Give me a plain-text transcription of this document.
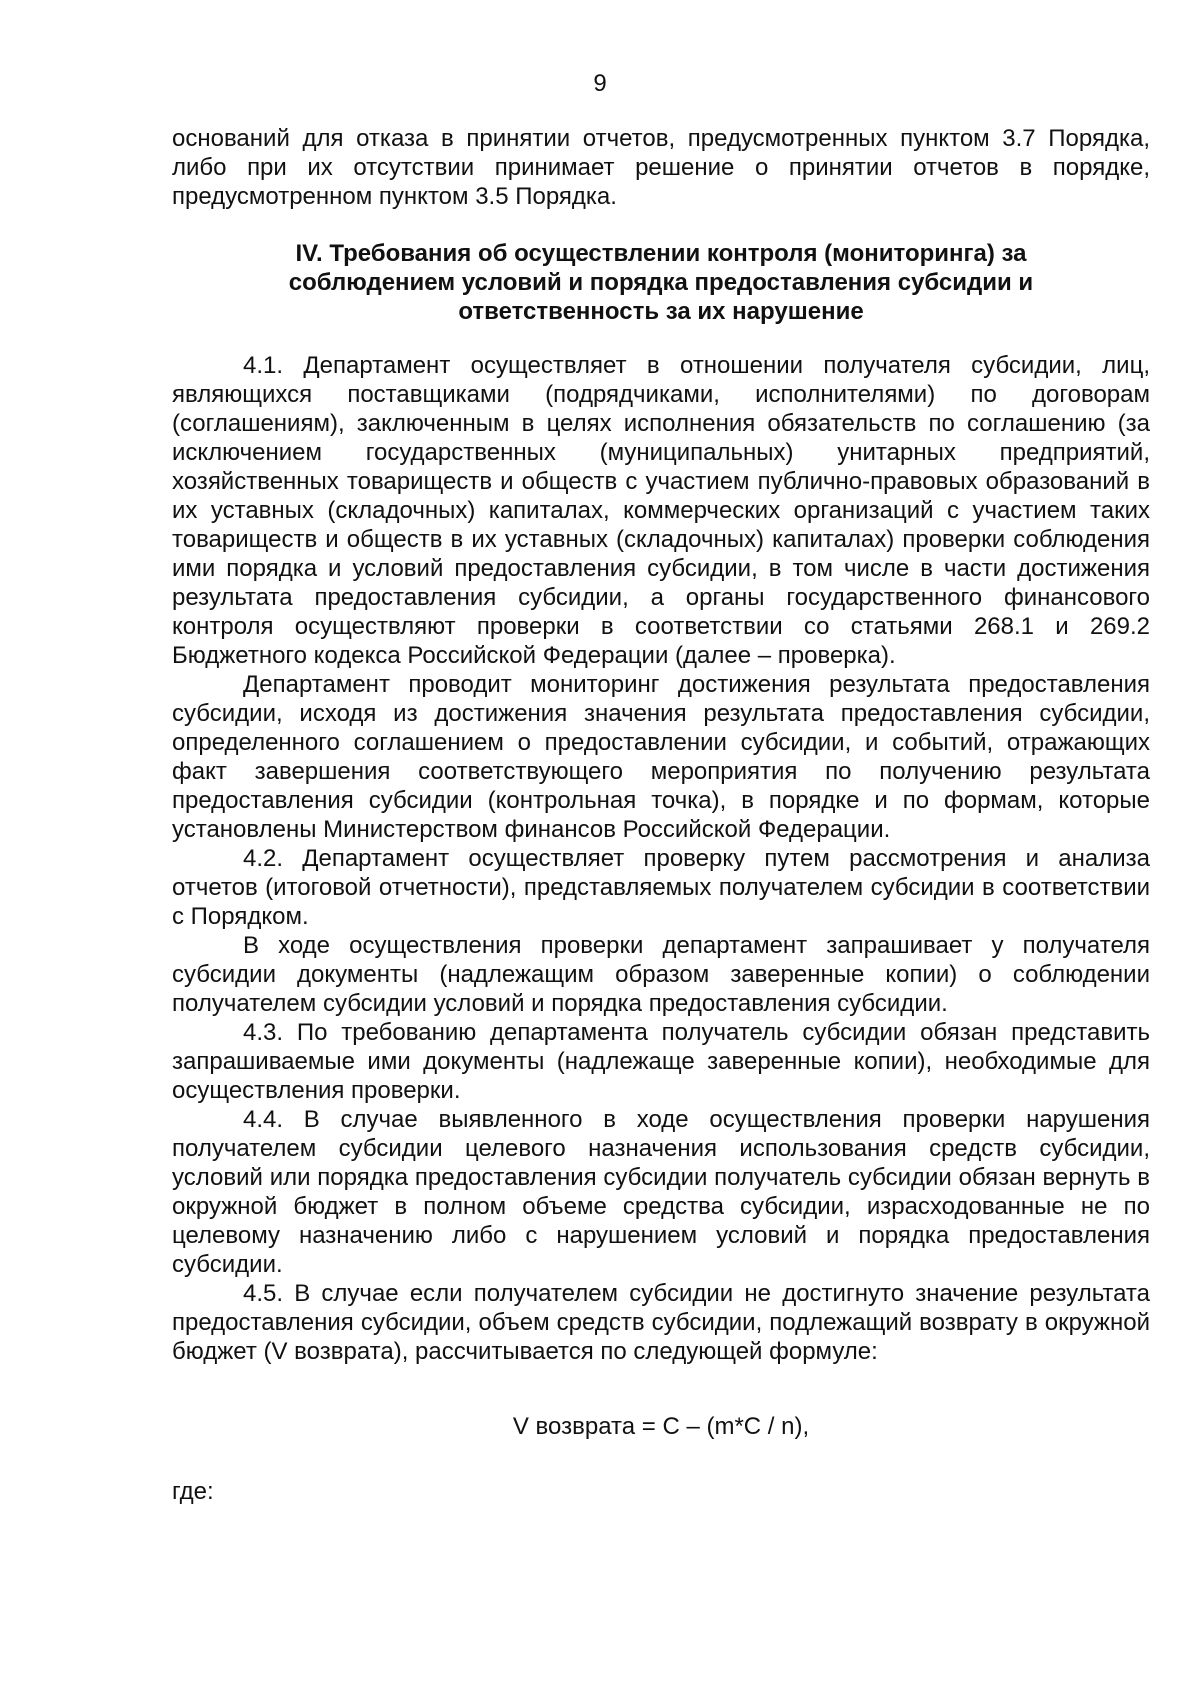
9

оснований для отказа в принятии отчетов, предусмотренных пунктом 3.7 Порядка, либо при их отсутствии принимает решение о принятии отчетов в порядке, предусмотренном пунктом 3.5 Порядка.

IV. Требования об осуществлении контроля (мониторинга) за
соблюдением условий и порядка предоставления субсидии и
ответственность за их нарушение

4.1. Департамент осуществляет в отношении получателя субсидии, лиц, являющихся поставщиками (подрядчиками, исполнителями) по договорам (соглашениям), заключенным в целях исполнения обязательств по соглашению (за исключением государственных (муниципальных) унитарных предприятий, хозяйственных товариществ и обществ с участием публично-правовых образований в их уставных (складочных) капиталах, коммерческих организаций с участием таких товариществ и обществ в их уставных (складочных) капиталах) проверки соблюдения ими порядка и условий предоставления субсидии, в том числе в части достижения результата предоставления субсидии, а органы государственного финансового контроля осуществляют проверки в соответствии со статьями 268.1 и 269.2 Бюджетного кодекса Российской Федерации (далее – проверка).

Департамент проводит мониторинг достижения результата предоставления субсидии, исходя из достижения значения результата предоставления субсидии, определенного соглашением о предоставлении субсидии, и событий, отражающих факт завершения соответствующего мероприятия по получению результата предоставления субсидии (контрольная точка), в порядке и по формам, которые установлены Министерством финансов Российской Федерации.

4.2. Департамент осуществляет проверку путем рассмотрения и анализа отчетов (итоговой отчетности), представляемых получателем субсидии в соответствии с Порядком.

В ходе осуществления проверки департамент запрашивает у получателя субсидии документы (надлежащим образом заверенные копии) о соблюдении получателем субсидии условий и порядка предоставления субсидии.

4.3. По требованию департамента получатель субсидии обязан представить запрашиваемые ими документы (надлежаще заверенные копии), необходимые для осуществления проверки.

4.4. В случае выявленного в ходе осуществления проверки нарушения получателем субсидии целевого назначения использования средств субсидии, условий или порядка предоставления субсидии получатель субсидии обязан вернуть в окружной бюджет в полном объеме средства субсидии, израсходованные не по целевому назначению либо с нарушением условий и порядка предоставления субсидии.

4.5. В случае если получателем субсидии не достигнуто значение результата предоставления субсидии, объем средств субсидии, подлежащий возврату в окружной бюджет (V возврата), рассчитывается по следующей формуле:

V возврата = C – (m*C / n),
где:
